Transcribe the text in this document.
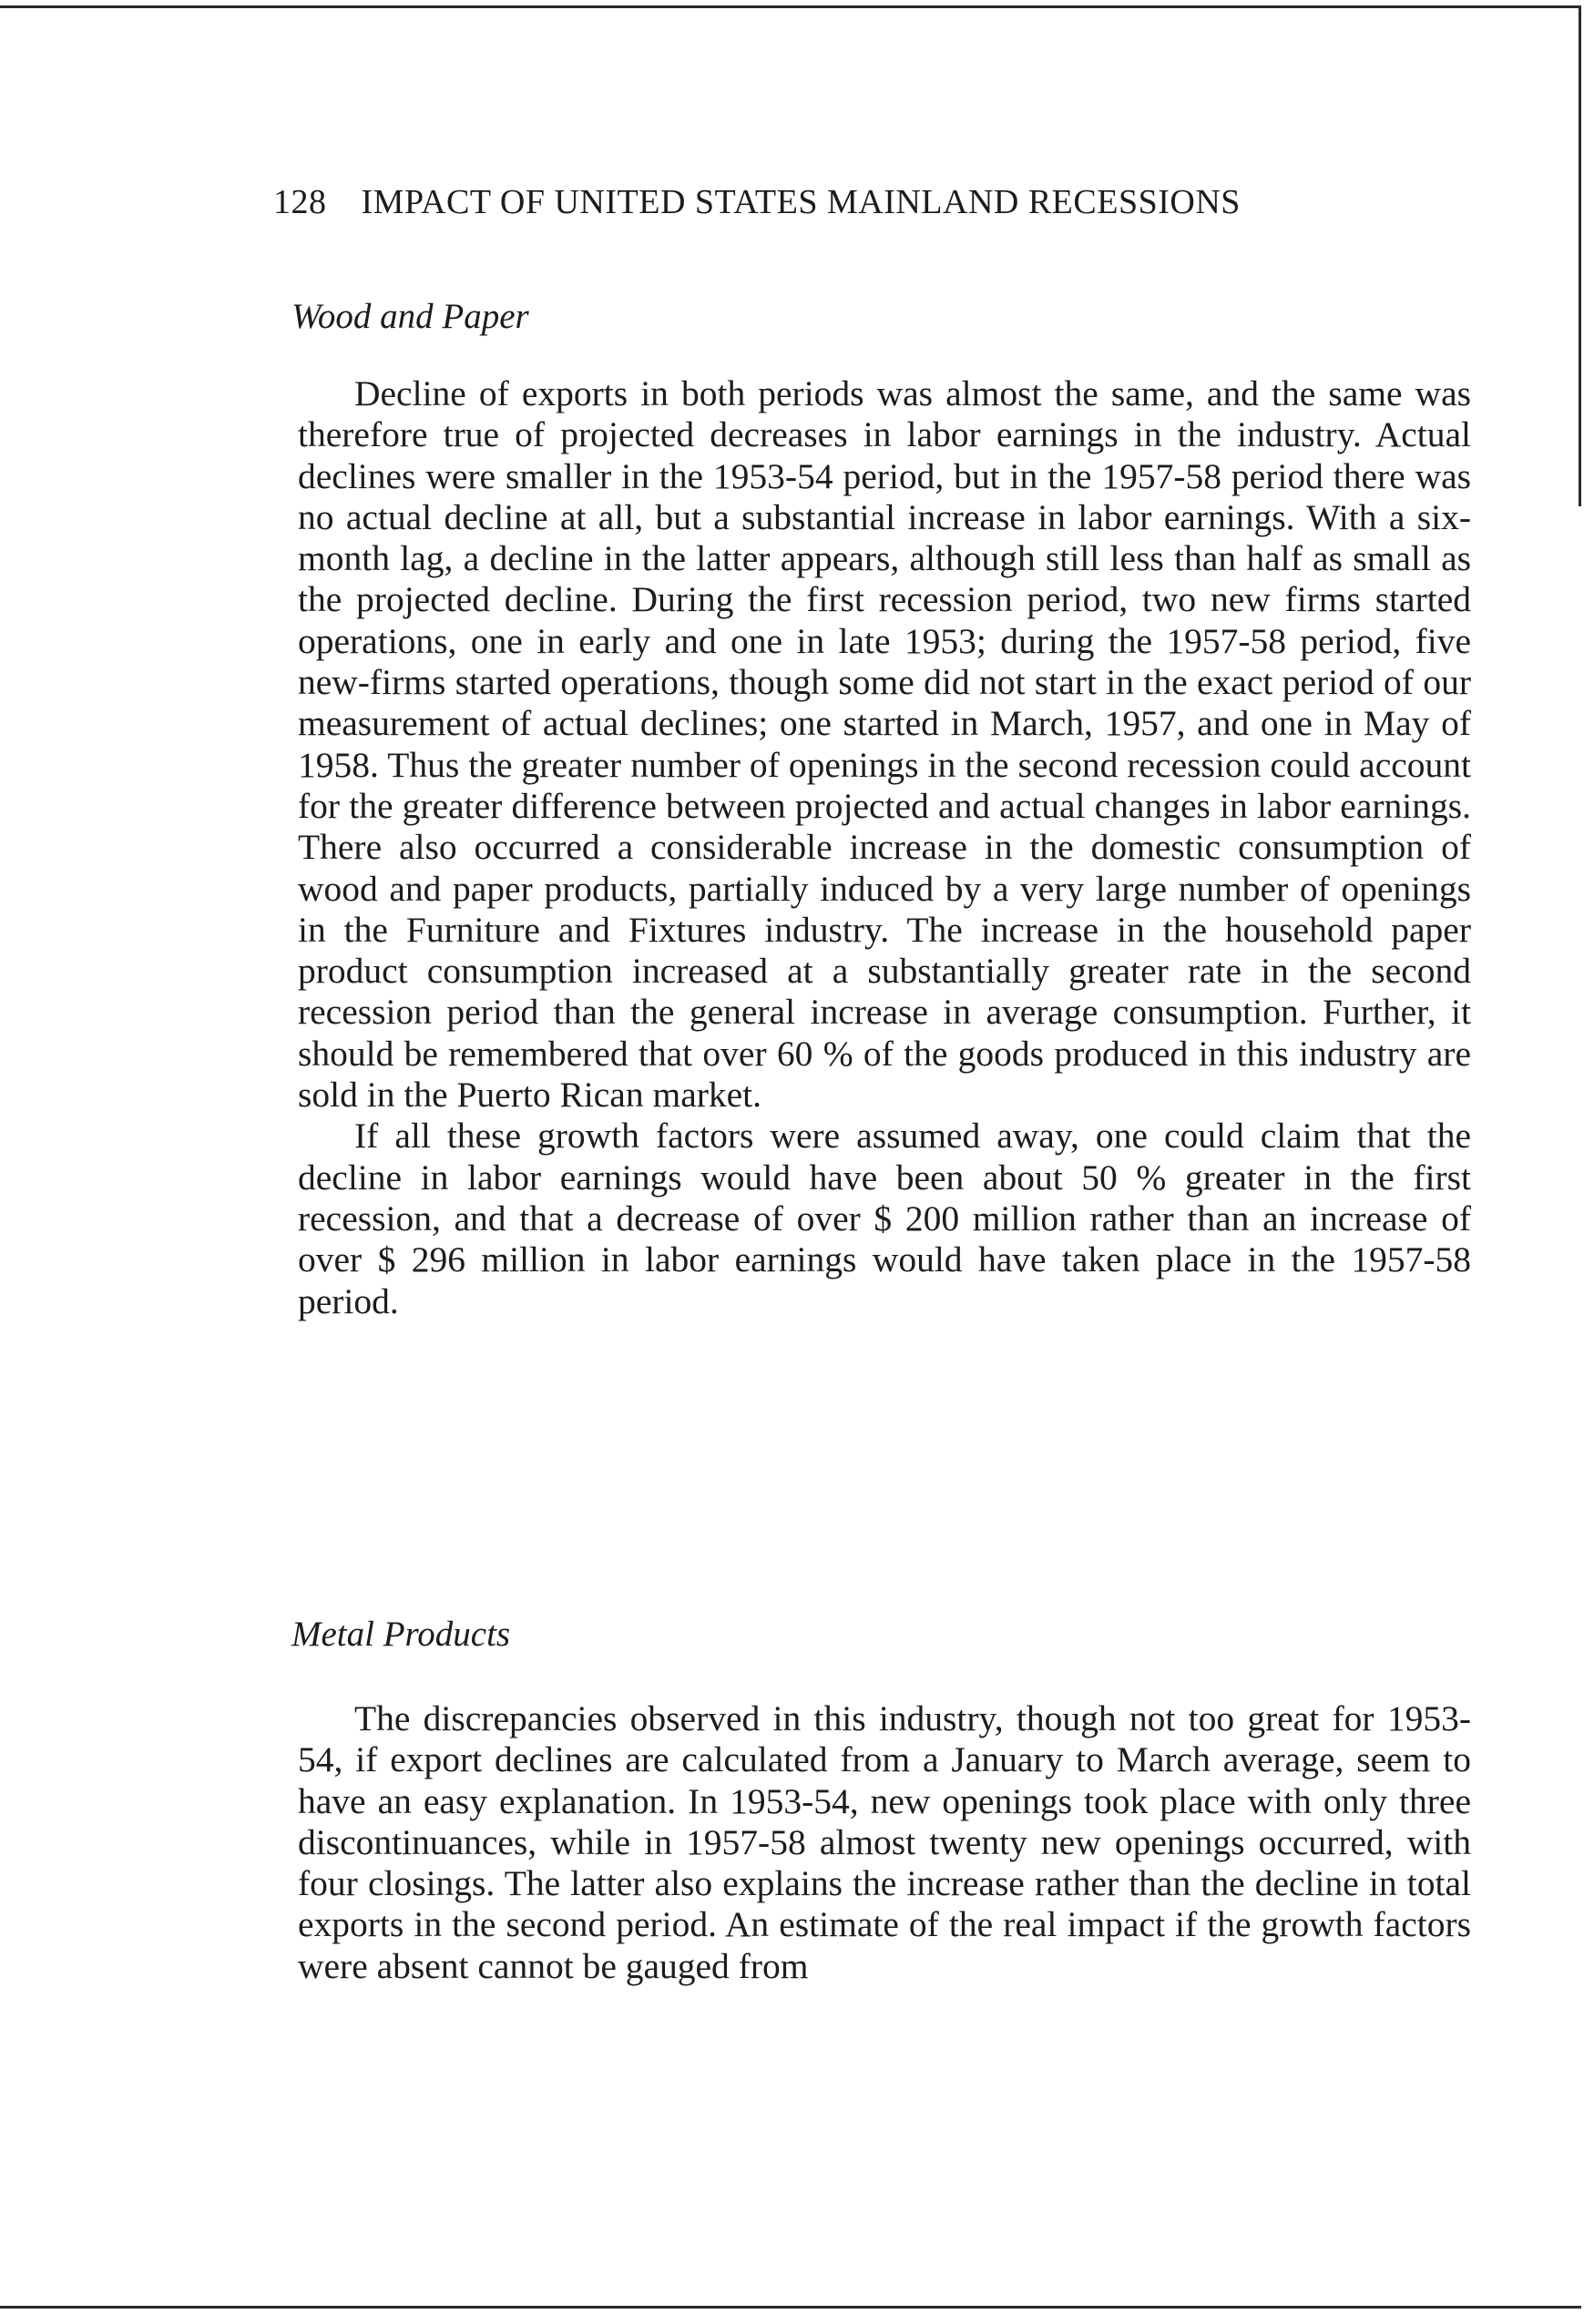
128 IMPACT OF UNITED STATES MAINLAND RECESSIONS
Wood and Paper

Decline of exports in both periods was almost the same, and the same was therefore true of projected decreases in labor earnings in the industry. Actual declines were smaller in the 1953-54 period, but in the 1957-58 period there was no actual decline at all, but a substantial increase in labor earnings. With a six-month lag, a decline in the latter appears, although still less than half as small as the projected decline. During the first recession period, two new firms started operations, one in early and one in late 1953; during the 1957-58 period, five new-firms started operations, though some did not start in the exact period of our measurement of actual declines; one started in March, 1957, and one in May of 1958. Thus the greater number of openings in the second recession could account for the greater difference between projected and actual changes in labor earnings. There also occurred a considerable increase in the domestic consumption of wood and paper products, partially induced by a very large number of openings in the Furniture and Fixtures industry. The increase in the household paper product consumption increased at a substantially greater rate in the second recession period than the general increase in average consumption. Further, it should be remembered that over 60 % of the goods produced in this industry are sold in the Puerto Rican market.

If all these growth factors were assumed away, one could claim that the decline in labor earnings would have been about 50 % greater in the first recession, and that a decrease of over $ 200 million rather than an increase of over $ 296 million in labor earnings would have taken place in the 1957-58 period.

Metal Products

The discrepancies observed in this industry, though not too great for 1953-54, if export declines are calculated from a January to March average, seem to have an easy explanation. In 1953-54, new openings took place with only three discontinuances, while in 1957-58 almost twenty new openings occurred, with four closings. The latter also explains the increase rather than the decline in total exports in the second period. An estimate of the real impact if the growth factors were absent cannot be gauged from
